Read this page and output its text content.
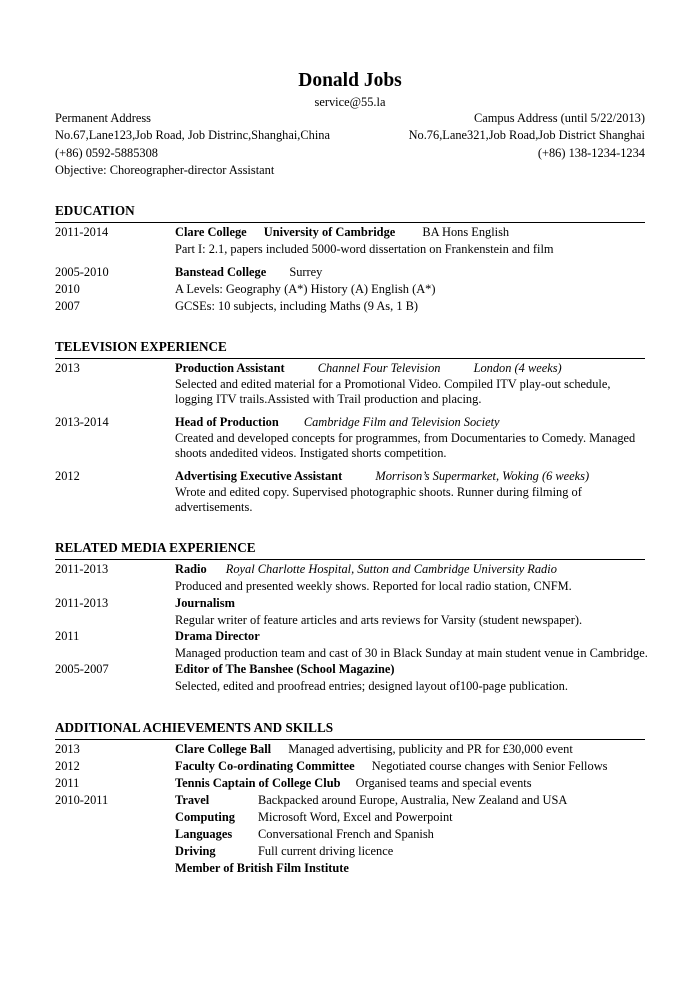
Donald Jobs
service@55.la
Permanent Address
No.67,Lane123,Job Road, Job Distrinc,Shanghai,China
(+86) 0592-5885308
Objective: Choreographer-director Assistant
Campus Address (until 5/22/2013)
No.76,Lane321,Job Road,Job District Shanghai
(+86) 138-1234-1234
EDUCATION
2011-2014	Clare College University of Cambridge BA Hons English
Part I: 2.1, papers included 5000-word dissertation on Frankenstein and film
2005-2010	Banstead College Surrey
2010	A Levels: Geography (A*) History (A) English (A*)
2007	GCSEs: 10 subjects, including Maths (9 As, 1 B)
TELEVISION EXPERIENCE
2013	Production Assistant	Channel Four Television	London (4 weeks)
Selected and edited material for a Promotional Video. Compiled ITV play-out schedule,
logging ITV trails.Assisted with Trail production and placing.
2013-2014	Head of Production Cambridge Film and Television Society
Created and developed concepts for programmes, from Documentaries to Comedy. Managed
shoots andedited videos. Instigated shorts competition.
2012	Advertising Executive Assistant	Morrison’s Supermarket, Woking (6 weeks)
Wrote and edited copy. Supervised photographic shoots. Runner during filming of
advertisements.
RELATED MEDIA EXPERIENCE
2011-2013	Radio Royal Charlotte Hospital, Sutton and Cambridge University Radio
Produced and presented weekly shows. Reported for local radio station, CNFM.
2011-2013	Journalism
Regular writer of feature articles and arts reviews for Varsity (student newspaper).
2011	Drama Director
Managed production team and cast of 30 in Black Sunday at main student venue in Cambridge.
2005-2007	Editor of The Banshee (School Magazine)
Selected, edited and proofread entries; designed layout of100-page publication.
ADDITIONAL ACHIEVEMENTS AND SKILLS
2013	Clare College Ball Managed advertising, publicity and PR for £30,000 event
2012	Faculty Co-ordinating Committee Negotiated course changes with Senior Fellows
2011	Tennis Captain of College Club Organised teams and special events
2010-2011	Travel	Backpacked around Europe, Australia, New Zealand and USA
Computing Microsoft Word, Excel and Powerpoint
Languages Conversational French and Spanish
Driving	Full current driving licence
Member of British Film Institute
